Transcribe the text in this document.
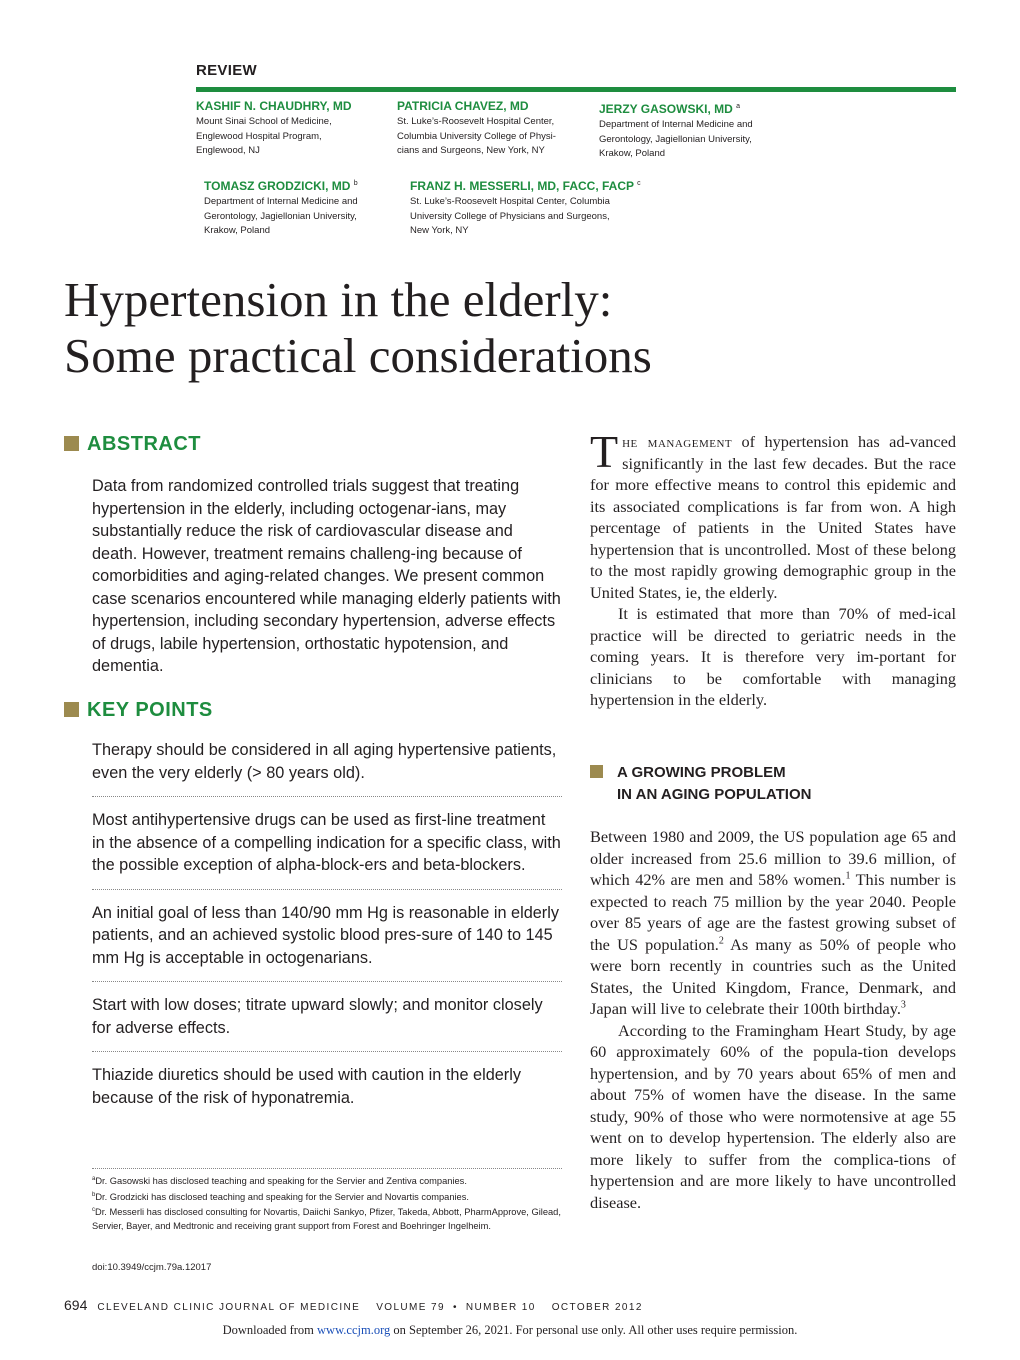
REVIEW
KASHIF N. CHAUDHRY, MD
Mount Sinai School of Medicine,
Englewood Hospital Program,
Englewood, NJ
PATRICIA CHAVEZ, MD
St. Luke’s-Roosevelt Hospital Center,
Columbia University College of Physi-
cians and Surgeons, New York, NY
JERZY GASOWSKI, MD $^a$
Department of Internal Medicine and
Gerontology, Jagiellonian University,
Krakow, Poland
TOMASZ GRODZICKI, MD $^b$
Department of Internal Medicine and
Gerontology, Jagiellonian University,
Krakow, Poland
FRANZ H. MESSERLI, MD, FACC, FACP $^c$
St. Luke’s-Roosevelt Hospital Center, Columbia
University College of Physicians and Surgeons,
New York, NY
Hypertension in the elderly:
Some practical considerations
ABSTRACT
Data from randomized controlled trials suggest that treating hypertension in the elderly, including octogenar-ians, may substantially reduce the risk of cardiovascular disease and death. However, treatment remains challeng-ing because of comorbidities and aging-related changes. We present common case scenarios encountered while managing elderly patients with hypertension, including secondary hypertension, adverse effects of drugs, labile hypertension, orthostatic hypotension, and dementia.
KEY POINTS
Therapy should be considered in all aging hypertensive patients, even the very elderly (> 80 years old).
Most antihypertensive drugs can be used as first-line treatment in the absence of a compelling indication for a specific class, with the possible exception of alpha-block-ers and beta-blockers.
An initial goal of less than 140/90 mm Hg is reasonable in elderly patients, and an achieved systolic blood pres-sure of 140 to 145 mm Hg is acceptable in octogenarians.
Start with low doses; titrate upward slowly; and monitor closely for adverse effects.
Thiazide diuretics should be used with caution in the elderly because of the risk of hyponatremia.

$^a$Dr. Gasowski has disclosed teaching and speaking for the Servier and Zentiva companies.

$^b$Dr. Grodzicki has disclosed teaching and speaking for the Servier and Novartis companies.

$^c$Dr. Messerli has disclosed consulting for Novartis, Daiichi Sankyo, Pfizer, Takeda, Abbott, PharmApprove, Gilead, Servier, Bayer, and Medtronic and receiving grant support from Forest and Boehringer Ingelheim.

doi:10.3949/ccjm.79a.12017

The management of hypertension has ad-vanced significantly in the last few decades. But the race for more effective means to control this epidemic and its associated complications is far from won. A high percentage of patients in the United States have hypertension that is uncontrolled. Most of these belong to the most rapidly growing demographic group in the United States, ie, the elderly.

It is estimated that more than 70% of med-ical practice will be directed to geriatric needs in the coming years. It is therefore very im-portant for clinicians to be comfortable with managing hypertension in the elderly.

A GROWING PROBLEM
IN AN AGING POPULATION

Between 1980 and 2009, the US population age 65 and older increased from 25.6 million to 39.6 million, of which 42% are men and 58% women.$^1$ This number is expected to reach 75 million by the year 2040. People over 85 years of age are the fastest growing subset of the US population.$^2$ As many as 50% of people who were born recently in countries such as the United States, the United Kingdom, France, Denmark, and Japan will live to celebrate their 100th birthday.$^3$

According to the Framingham Heart Study, by age 60 approximately 60% of the popula-tion develops hypertension, and by 70 years about 65% of men and about 75% of women have the disease. In the same study, 90% of those who were normotensive at age 55 went on to develop hypertension. The elderly also are more likely to suffer from the complica-tions of hypertension and are more likely to have uncontrolled disease.

694 CLEVELAND CLINIC JOURNAL OF MEDICINE VOLUME 79 • NUMBER 10 OCTOBER 2012
Downloaded from www.ccjm.org on September 26, 2021. For personal use only. All other uses require permission.
